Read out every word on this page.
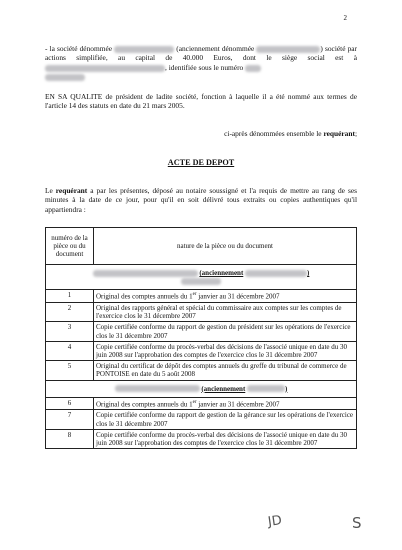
2
- la société dénommée	(anciennement dénommée	) société par actions simplifiée, au capital de 40.000 Euros, dont le siège social est à , identifiée sous le numéro

EN SA QUALITE de président de ladite société, fonction à laquelle il a été nommé aux termes de l'article 14 des statuts en date du 21 mars 2005.
ci-après dénommées ensemble le requérant;
ACTE DE DEPOT
Le requérant a par les présentes, déposé au notaire soussigné et l'a requis de mettre au rang de ses minutes à la date de ce jour, pour qu'il en soit délivré tous extraits ou copies authentiques qu'il appartiendra :
numéro de la pièce ou du document	nature de la pièce ou du document
(anciennement )	

1	Original des comptes annuels du 1er janvier au 31 décembre 2007
2	Original des rapports général et spécial du commissaire aux comptes sur les comptes de l'exercice clos le 31 décembre 2007
3	Copie certifiée conforme du rapport de gestion du président sur les opérations de l'exercice clos le 31 décembre 2007
4	Copie certifiée conforme du procès-verbal des décisions de l'associé unique en date du 30 juin 2008 sur l'approbation des comptes de l'exercice clos le 31 décembre 2007
5	Original du certificat de dépôt des comptes annuels du greffe du tribunal de commerce de PONTOISE en date du 5 août 2008
(anciennement )	
6	Original des comptes annuels du 1er janvier au 31 décembre 2007
7	Copie certifiée conforme du rapport de gestion de la gérance sur les opérations de l'exercice clos le 31 décembre 2007
8	Copie certifiée conforme du procès-verbal des décisions de l'associé unique en date du 30 juin 2008 sur l'approbation des comptes de l'exercice clos le 31 décembre 2007
JD	S
